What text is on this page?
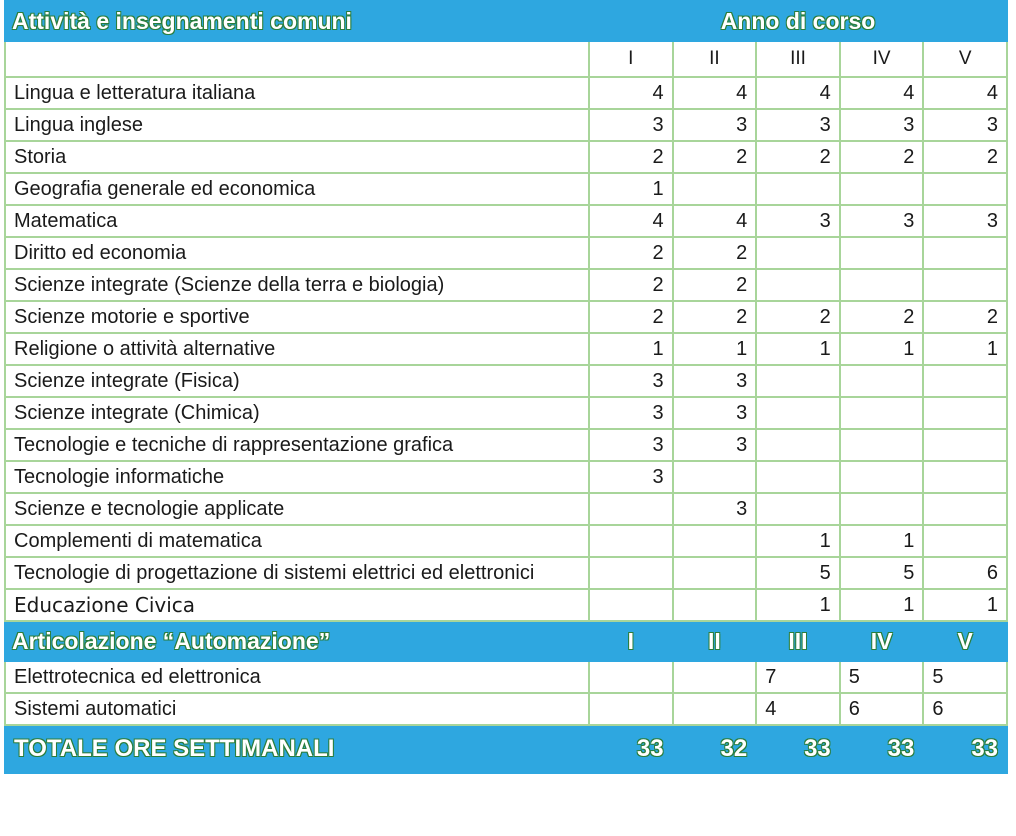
Attività e insegnamenti comuni	Anno di corso				
	I	II	III	IV	V
Lingua e letteratura italiana	4	4	4	4	4
Lingua inglese	3	3	3	3	3
Storia	2	2	2	2	2
Geografia generale ed economica	1				
Matematica	4	4	3	3	3
Diritto ed economia	2	2			
Scienze integrate (Scienze della terra e biologia)	2	2			
Scienze motorie e sportive	2	2	2	2	2
Religione o attività alternative	1	1	1	1	1
Scienze integrate (Fisica)	3	3			
Scienze integrate (Chimica)	3	3			
Tecnologie e tecniche di rappresentazione grafica	3	3			
Tecnologie informatiche	3				
Scienze e tecnologie applicate		3			
Complementi di matematica			1	1	
Tecnologie di progettazione di sistemi elettrici ed elettronici			5	5	6
Educazione Civica			1	1	1
Articolazione “Automazione”	I	II	III	IV	V
Elettrotecnica ed elettronica			7	5	5
Sistemi automatici			4	6	6
TOTALE ORE SETTIMANALI	33	32	33	33	33
